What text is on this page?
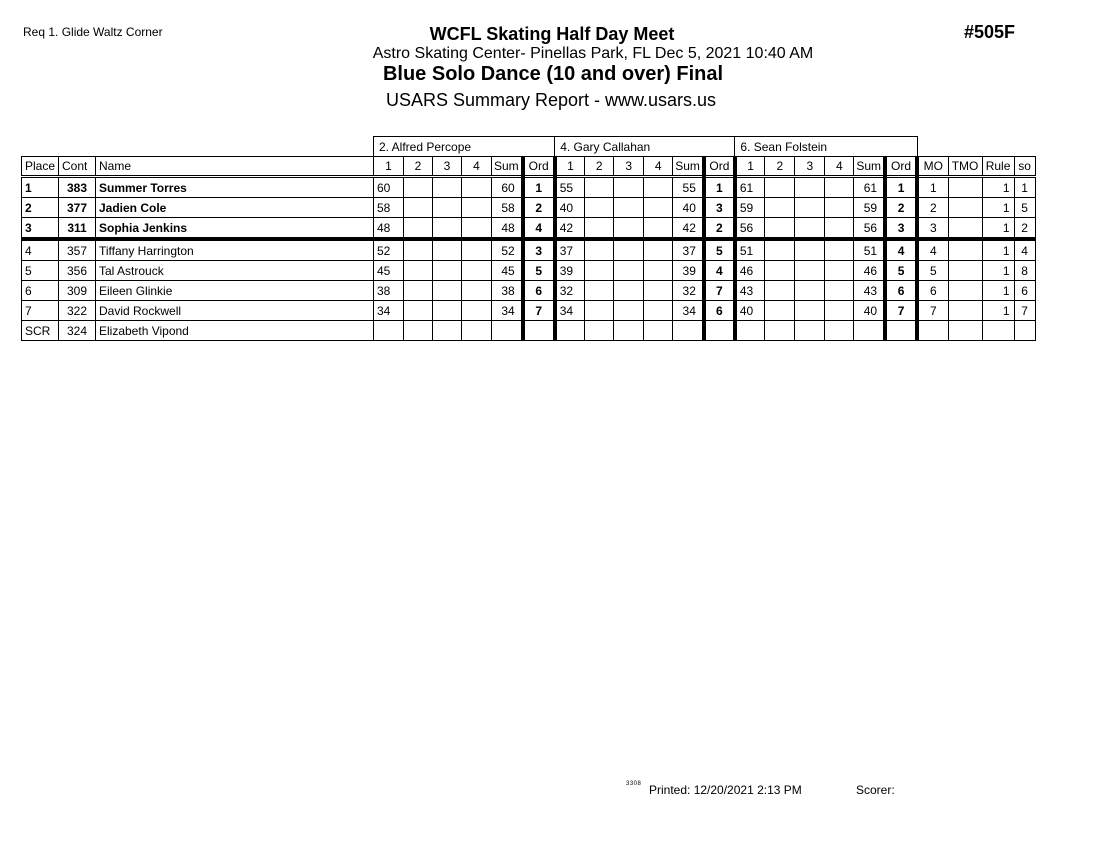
Req 1. Glide Waltz Corner	#505F
WCFL Skating Half Day Meet
Astro Skating Center- Pinellas Park, FL Dec 5, 2021 10:40 AM
Blue Solo Dance (10 and over) Final
USARS Summary Report - www.usars.us
			2. Alfred Percope						4. Gary Callahan						6. Sean Folstein									
Place	Cont	Name	1	2	3	4	Sum	Ord	1	2	3	4	Sum	Ord	1	2	3	4	Sum	Ord	MO	TMO	Rule	so
1	383	Summer Torres	60				60	1	55				55	1	61				61	1	1		1	1
2	377	Jadien Cole	58				58	2	40				40	3	59				59	2	2		1	5
3	311	Sophia Jenkins	48				48	4	42				42	2	56				56	3	3		1	2
4	357	Tiffany Harrington	52				52	3	37				37	5	51				51	4	4		1	4
5	356	Tal Astrouck	45				45	5	39				39	4	46				46	5	5		1	8
6	309	Eileen Glinkie	38				38	6	32				32	7	43				43	6	6		1	6
7	322	David Rockwell	34				34	7	34				34	6	40				40	7	7		1	7
SCR	324	Elizabeth Vipond																						
3308 Printed: 12/20/2021 2:13 PM	Scorer:
